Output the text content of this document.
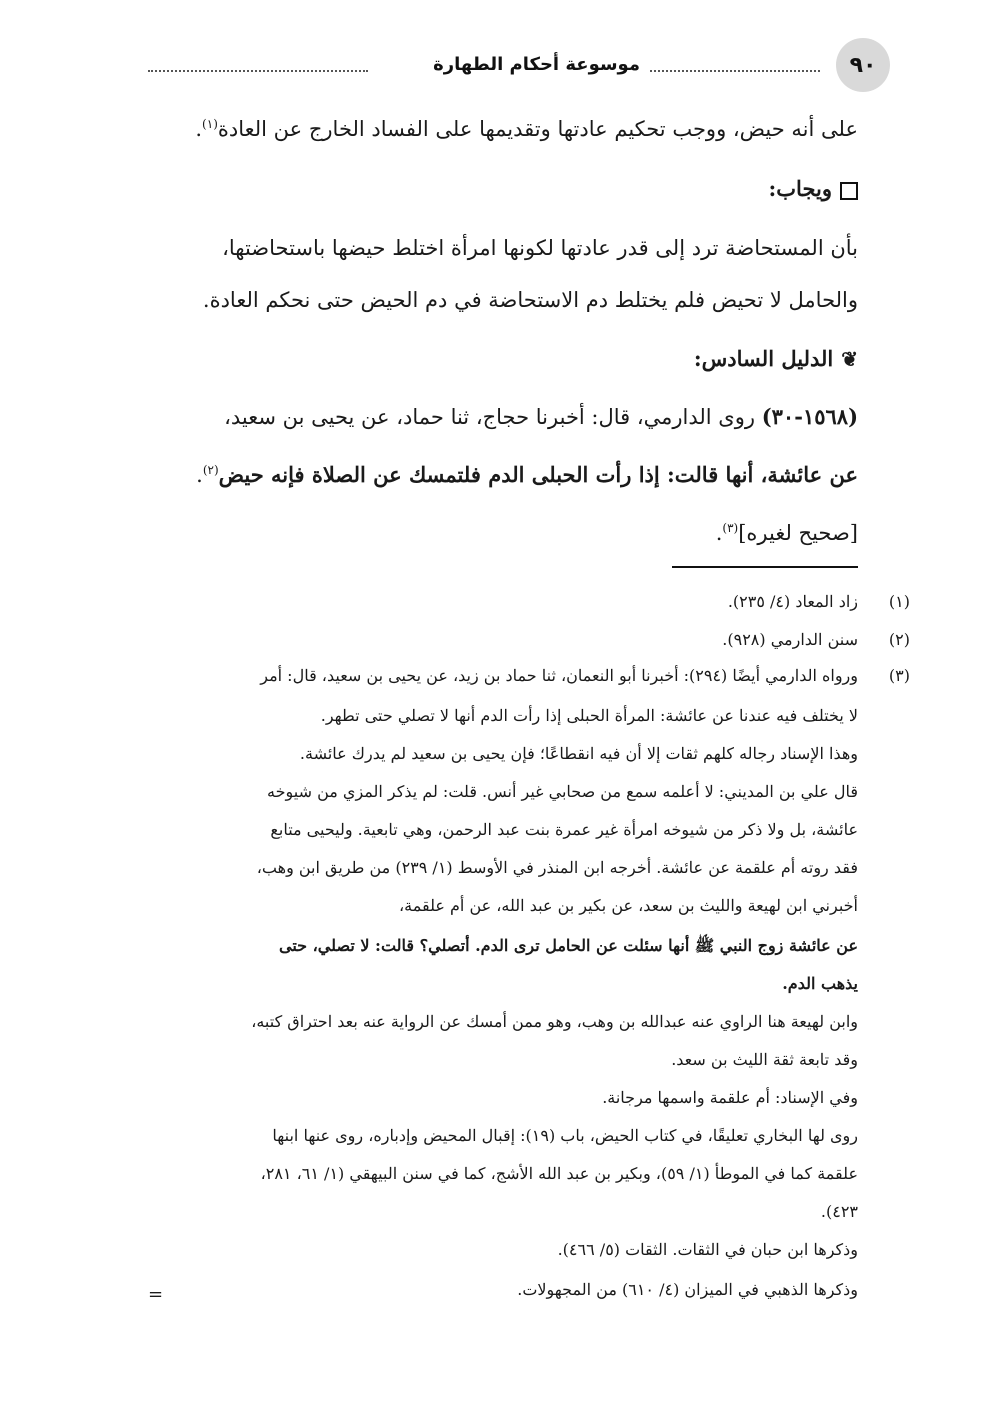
٩٠
موسوعة أحكام الطهارة
على أنه حيض، ووجب تحكيم عادتها وتقديمها على الفساد الخارج عن العادة$^{(١)}$.
ويجاب:
بأن المستحاضة ترد إلى قدر عادتها لكونها امرأة اختلط حيضها باستحاضتها،
والحامل لا تحيض فلم يختلط دم الاستحاضة في دم الحيض حتى نحكم العادة.
❦الدليل السادس:
(١٥٦٨-٣٠) روى الدارمي، قال: أخبرنا حجاج، ثنا حماد، عن يحيى بن سعيد،
عن عائشة، أنها قالت: إذا رأت الحبلى الدم فلتمسك عن الصلاة فإنه حيض$^{(٢)}$.
[صحيح لغيره]$^{(٣)}$.
(١)
زاد المعاد (٤/ ٢٣٥).
(٢)
سنن الدارمي (٩٢٨).
(٣)
ورواه الدارمي أيضًا (٢٩٤): أخبرنا أبو النعمان، ثنا حماد بن زيد، عن يحيى بن سعيد، قال: أمر
لا يختلف فيه عندنا عن عائشة: المرأة الحبلى إذا رأت الدم أنها لا تصلي حتى تطهر.
وهذا الإسناد رجاله كلهم ثقات إلا أن فيه انقطاعًا؛ فإن يحيى بن سعيد لم يدرك عائشة.
قال علي بن المديني: لا أعلمه سمع من صحابي غير أنس. قلت: لم يذكر المزي من شيوخه
عائشة، بل ولا ذكر من شيوخه امرأة غير عمرة بنت عبد الرحمن، وهي تابعية. وليحيى متابع
فقد روته أم علقمة عن عائشة. أخرجه ابن المنذر في الأوسط (١/ ٢٣٩) من طريق ابن وهب،
أخبرني ابن لهيعة والليث بن سعد، عن بكير بن عبد الله، عن أم علقمة،
عن عائشة زوج النبي ﷺ أنها سئلت عن الحامل ترى الدم. أتصلي؟ قالت: لا تصلي، حتى
يذهب الدم.
وابن لهيعة هنا الراوي عنه عبدالله بن وهب، وهو ممن أمسك عن الرواية عنه بعد احتراق كتبه،
وقد تابعة ثقة الليث بن سعد.
وفي الإسناد: أم علقمة واسمها مرجانة.
روى لها البخاري تعليقًا، في كتاب الحيض، باب (١٩): إقبال المحيض وإدباره، روى عنها ابنها
علقمة كما في الموطأ (١/ ٥٩)، وبكير بن عبد الله الأشج، كما في سنن البيهقي (١/ ٦١، ٢٨١،
٤٢٣).
وذكرها ابن حبان في الثقات. الثقات (٥/ ٤٦٦).
وذكرها الذهبي في الميزان (٤/ ٦١٠) من المجهولات.
=
